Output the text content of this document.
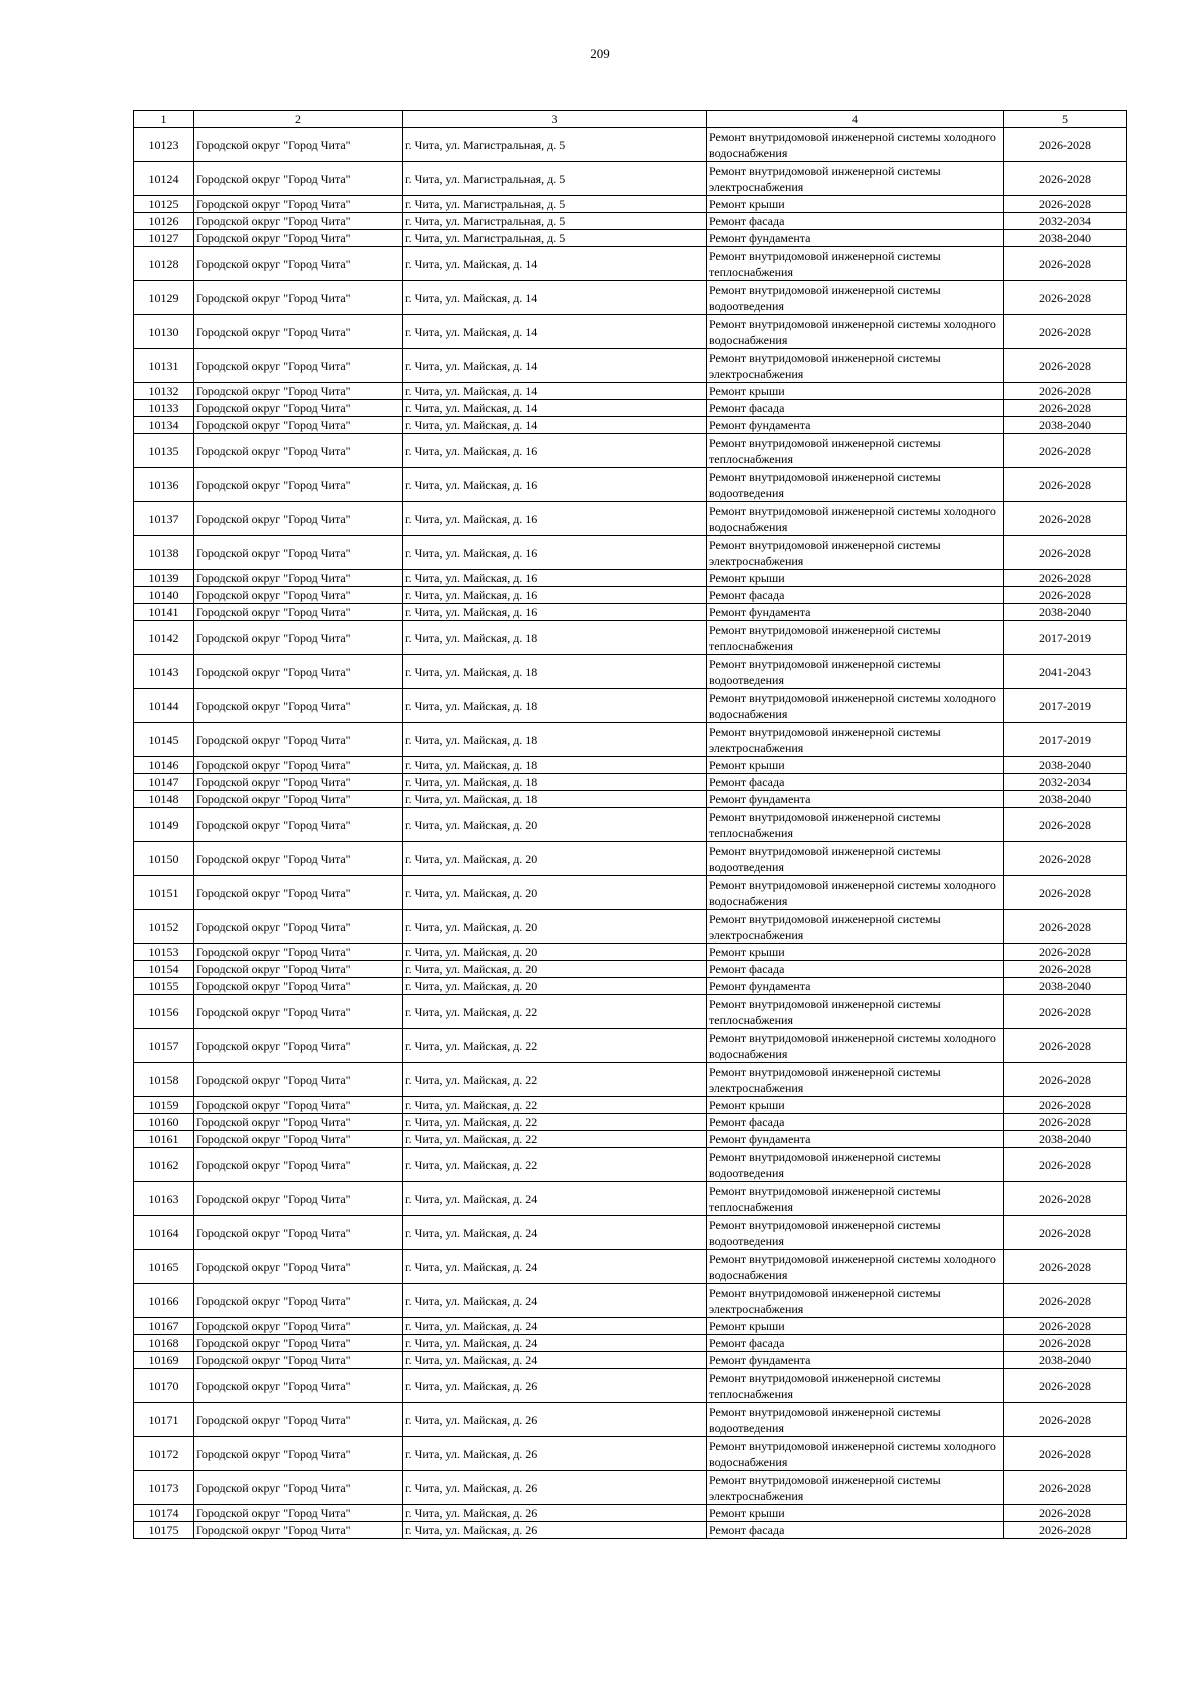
209
1	2	3	4	5
10123	Городской округ "Город Чита"	г. Чита, ул. Магистральная, д. 5	Ремонт внутридомовой инженерной системы холодного водоснабжения	2026-2028
10124	Городской округ "Город Чита"	г. Чита, ул. Магистральная, д. 5	Ремонт внутридомовой инженерной системы электроснабжения	2026-2028
10125	Городской округ "Город Чита"	г. Чита, ул. Магистральная, д. 5	Ремонт крыши	2026-2028
10126	Городской округ "Город Чита"	г. Чита, ул. Магистральная, д. 5	Ремонт фасада	2032-2034
10127	Городской округ "Город Чита"	г. Чита, ул. Магистральная, д. 5	Ремонт фундамента	2038-2040
10128	Городской округ "Город Чита"	г. Чита, ул. Майская, д. 14	Ремонт внутридомовой инженерной системы теплоснабжения	2026-2028
10129	Городской округ "Город Чита"	г. Чита, ул. Майская, д. 14	Ремонт внутридомовой инженерной системы водоотведения	2026-2028
10130	Городской округ "Город Чита"	г. Чита, ул. Майская, д. 14	Ремонт внутридомовой инженерной системы холодного водоснабжения	2026-2028
10131	Городской округ "Город Чита"	г. Чита, ул. Майская, д. 14	Ремонт внутридомовой инженерной системы электроснабжения	2026-2028
10132	Городской округ "Город Чита"	г. Чита, ул. Майская, д. 14	Ремонт крыши	2026-2028
10133	Городской округ "Город Чита"	г. Чита, ул. Майская, д. 14	Ремонт фасада	2026-2028
10134	Городской округ "Город Чита"	г. Чита, ул. Майская, д. 14	Ремонт фундамента	2038-2040
10135	Городской округ "Город Чита"	г. Чита, ул. Майская, д. 16	Ремонт внутридомовой инженерной системы теплоснабжения	2026-2028
10136	Городской округ "Город Чита"	г. Чита, ул. Майская, д. 16	Ремонт внутридомовой инженерной системы водоотведения	2026-2028
10137	Городской округ "Город Чита"	г. Чита, ул. Майская, д. 16	Ремонт внутридомовой инженерной системы холодного водоснабжения	2026-2028
10138	Городской округ "Город Чита"	г. Чита, ул. Майская, д. 16	Ремонт внутридомовой инженерной системы электроснабжения	2026-2028
10139	Городской округ "Город Чита"	г. Чита, ул. Майская, д. 16	Ремонт крыши	2026-2028
10140	Городской округ "Город Чита"	г. Чита, ул. Майская, д. 16	Ремонт фасада	2026-2028
10141	Городской округ "Город Чита"	г. Чита, ул. Майская, д. 16	Ремонт фундамента	2038-2040
10142	Городской округ "Город Чита"	г. Чита, ул. Майская, д. 18	Ремонт внутридомовой инженерной системы теплоснабжения	2017-2019
10143	Городской округ "Город Чита"	г. Чита, ул. Майская, д. 18	Ремонт внутридомовой инженерной системы водоотведения	2041-2043
10144	Городской округ "Город Чита"	г. Чита, ул. Майская, д. 18	Ремонт внутридомовой инженерной системы холодного водоснабжения	2017-2019
10145	Городской округ "Город Чита"	г. Чита, ул. Майская, д. 18	Ремонт внутридомовой инженерной системы электроснабжения	2017-2019
10146	Городской округ "Город Чита"	г. Чита, ул. Майская, д. 18	Ремонт крыши	2038-2040
10147	Городской округ "Город Чита"	г. Чита, ул. Майская, д. 18	Ремонт фасада	2032-2034
10148	Городской округ "Город Чита"	г. Чита, ул. Майская, д. 18	Ремонт фундамента	2038-2040
10149	Городской округ "Город Чита"	г. Чита, ул. Майская, д. 20	Ремонт внутридомовой инженерной системы теплоснабжения	2026-2028
10150	Городской округ "Город Чита"	г. Чита, ул. Майская, д. 20	Ремонт внутридомовой инженерной системы водоотведения	2026-2028
10151	Городской округ "Город Чита"	г. Чита, ул. Майская, д. 20	Ремонт внутридомовой инженерной системы холодного водоснабжения	2026-2028
10152	Городской округ "Город Чита"	г. Чита, ул. Майская, д. 20	Ремонт внутридомовой инженерной системы электроснабжения	2026-2028
10153	Городской округ "Город Чита"	г. Чита, ул. Майская, д. 20	Ремонт крыши	2026-2028
10154	Городской округ "Город Чита"	г. Чита, ул. Майская, д. 20	Ремонт фасада	2026-2028
10155	Городской округ "Город Чита"	г. Чита, ул. Майская, д. 20	Ремонт фундамента	2038-2040
10156	Городской округ "Город Чита"	г. Чита, ул. Майская, д. 22	Ремонт внутридомовой инженерной системы теплоснабжения	2026-2028
10157	Городской округ "Город Чита"	г. Чита, ул. Майская, д. 22	Ремонт внутридомовой инженерной системы холодного водоснабжения	2026-2028
10158	Городской округ "Город Чита"	г. Чита, ул. Майская, д. 22	Ремонт внутридомовой инженерной системы электроснабжения	2026-2028
10159	Городской округ "Город Чита"	г. Чита, ул. Майская, д. 22	Ремонт крыши	2026-2028
10160	Городской округ "Город Чита"	г. Чита, ул. Майская, д. 22	Ремонт фасада	2026-2028
10161	Городской округ "Город Чита"	г. Чита, ул. Майская, д. 22	Ремонт фундамента	2038-2040
10162	Городской округ "Город Чита"	г. Чита, ул. Майская, д. 22	Ремонт внутридомовой инженерной системы водоотведения	2026-2028
10163	Городской округ "Город Чита"	г. Чита, ул. Майская, д. 24	Ремонт внутридомовой инженерной системы теплоснабжения	2026-2028
10164	Городской округ "Город Чита"	г. Чита, ул. Майская, д. 24	Ремонт внутридомовой инженерной системы водоотведения	2026-2028
10165	Городской округ "Город Чита"	г. Чита, ул. Майская, д. 24	Ремонт внутридомовой инженерной системы холодного водоснабжения	2026-2028
10166	Городской округ "Город Чита"	г. Чита, ул. Майская, д. 24	Ремонт внутридомовой инженерной системы электроснабжения	2026-2028
10167	Городской округ "Город Чита"	г. Чита, ул. Майская, д. 24	Ремонт крыши	2026-2028
10168	Городской округ "Город Чита"	г. Чита, ул. Майская, д. 24	Ремонт фасада	2026-2028
10169	Городской округ "Город Чита"	г. Чита, ул. Майская, д. 24	Ремонт фундамента	2038-2040
10170	Городской округ "Город Чита"	г. Чита, ул. Майская, д. 26	Ремонт внутридомовой инженерной системы теплоснабжения	2026-2028
10171	Городской округ "Город Чита"	г. Чита, ул. Майская, д. 26	Ремонт внутридомовой инженерной системы водоотведения	2026-2028
10172	Городской округ "Город Чита"	г. Чита, ул. Майская, д. 26	Ремонт внутридомовой инженерной системы холодного водоснабжения	2026-2028
10173	Городской округ "Город Чита"	г. Чита, ул. Майская, д. 26	Ремонт внутридомовой инженерной системы электроснабжения	2026-2028
10174	Городской округ "Город Чита"	г. Чита, ул. Майская, д. 26	Ремонт крыши	2026-2028
10175	Городской округ "Город Чита"	г. Чита, ул. Майская, д. 26	Ремонт фасада	2026-2028
